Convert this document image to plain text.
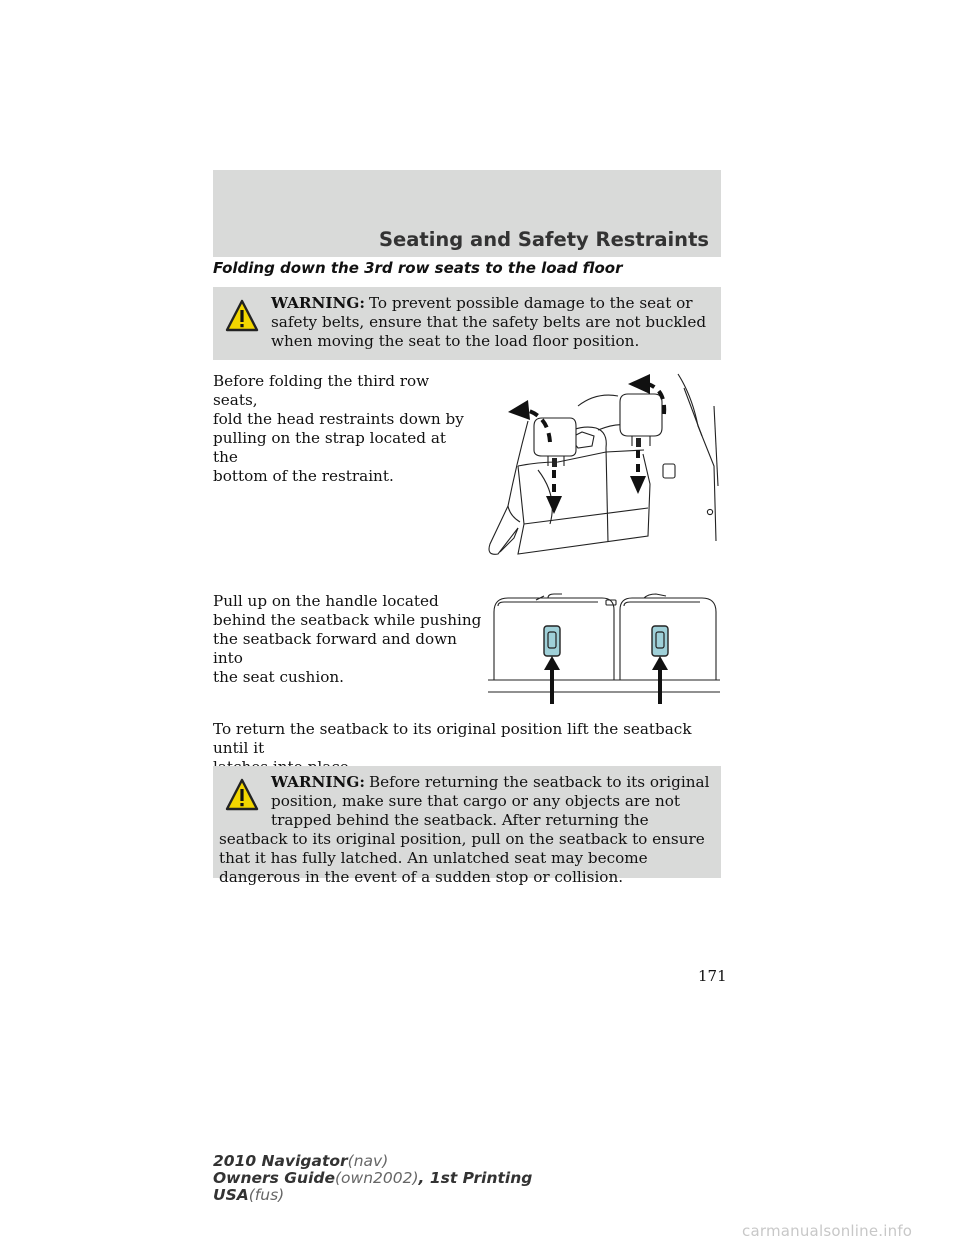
Seating and Safety Restraints
Folding down the 3rd row seats to the load floor
WARNING: To prevent possible damage to the seat or safety belts, ensure that the safety belts are not buckled when moving the seat to the load floor position.
Before folding the third row seats,
fold the head restraints down by
pulling on the strap located at the
bottom of the restraint.
Pull up on the handle located
behind the seatback while pushing
the seatback forward and down into
the seat cushion.
To return the seatback to its original position lift the seatback until it
WARNING: Before returning the seatback to its original position, make sure that cargo or any objects are not trapped behind the seatback. After returning the seatback to its original position, pull on the seatback to ensure that it has fully latched. An unlatched seat may become dangerous in the event of a sudden stop or collision.
171
2010 Navigator(nav)
Owners Guide(own2002), 1st Printing
USA(fus)
carmanualsonline.info
